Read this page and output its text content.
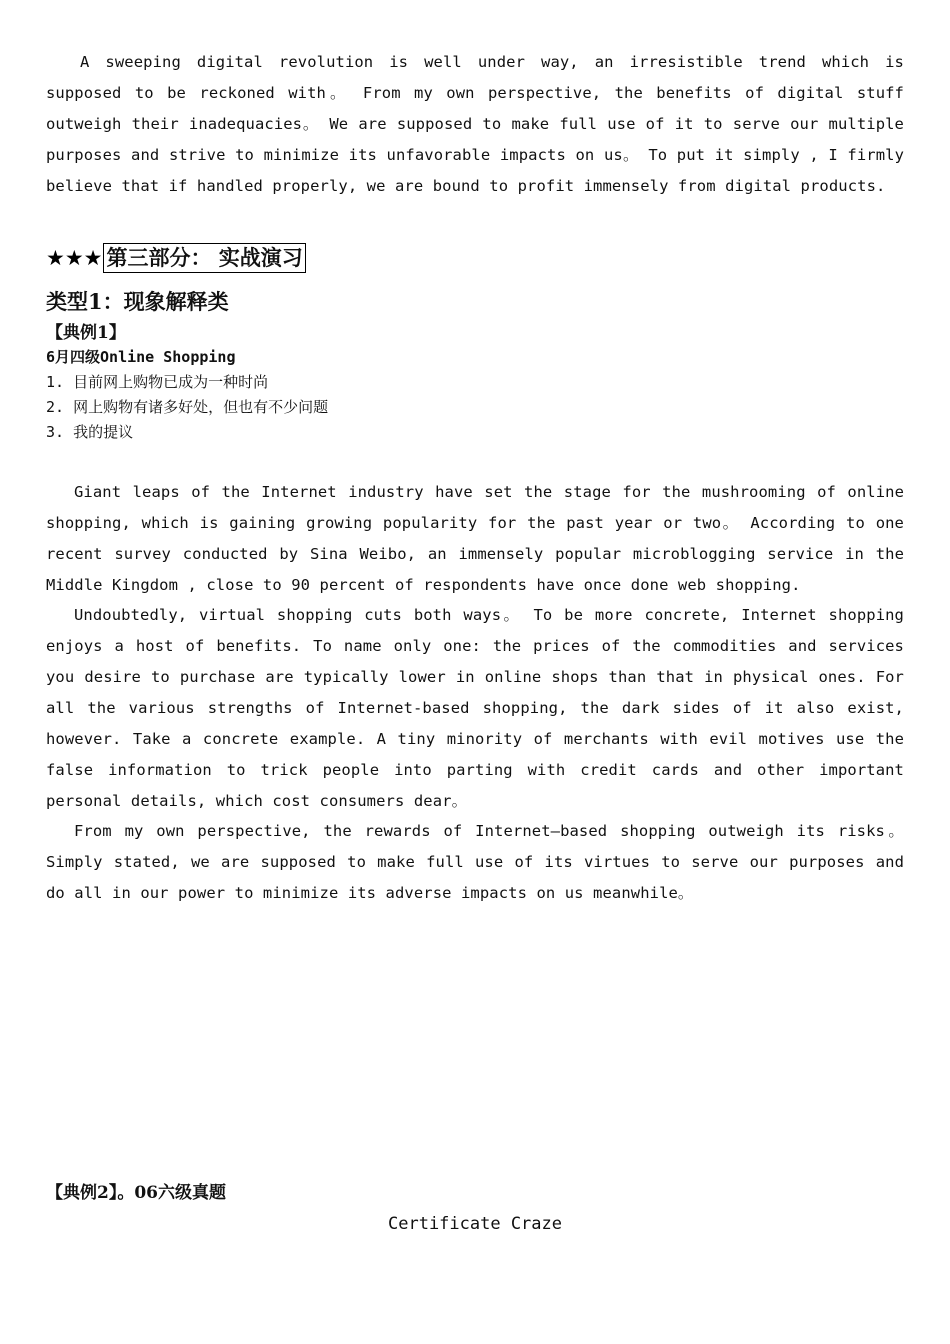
A sweeping digital revolution is well under way, an irresistible trend which is supposed to be reckoned with。 From my own perspective, the benefits of digital stuff outweigh their inadequacies。 We are supposed to make full use of it to serve our multiple purposes and strive to minimize its unfavorable impacts on us。 To put it simply , I firmly believe that if handled properly, we are bound to profit immensely from digital products.

★★★ 第三部分： 实战演习

类型1：现象解释类

【典例1】

6月四级Online Shopping

1. 目前网上购物已成为一种时尚
2. 网上购物有诸多好处，但也有不少问题
3. 我的提议

Giant leaps of the Internet industry have set the stage for the mushrooming of online shopping, which is gaining growing popularity for the past year or two。 According to one recent survey conducted by Sina Weibo, an immensely popular microblogging service in the Middle Kingdom , close to 90 percent of respondents have once done web shopping.

Undoubtedly, virtual shopping cuts both ways。 To be more concrete, Internet shopping enjoys a host of benefits. To name only one: the prices of the commodities and services you desire to purchase are typically lower in online shops than that in physical ones. For all the various strengths of Internet-based shopping, the dark sides of it also exist, however. Take a concrete example. A tiny minority of merchants with evil motives use the false information to trick people into parting with credit cards and other important personal details, which cost consumers dear。

From my own perspective, the rewards of Internet—based shopping outweigh its risks。 Simply stated, we are supposed to make full use of its virtues to serve our purposes and do all in our power to minimize its adverse impacts on us meanwhile。

【典例2】。06六级真题

Certificate Craze
